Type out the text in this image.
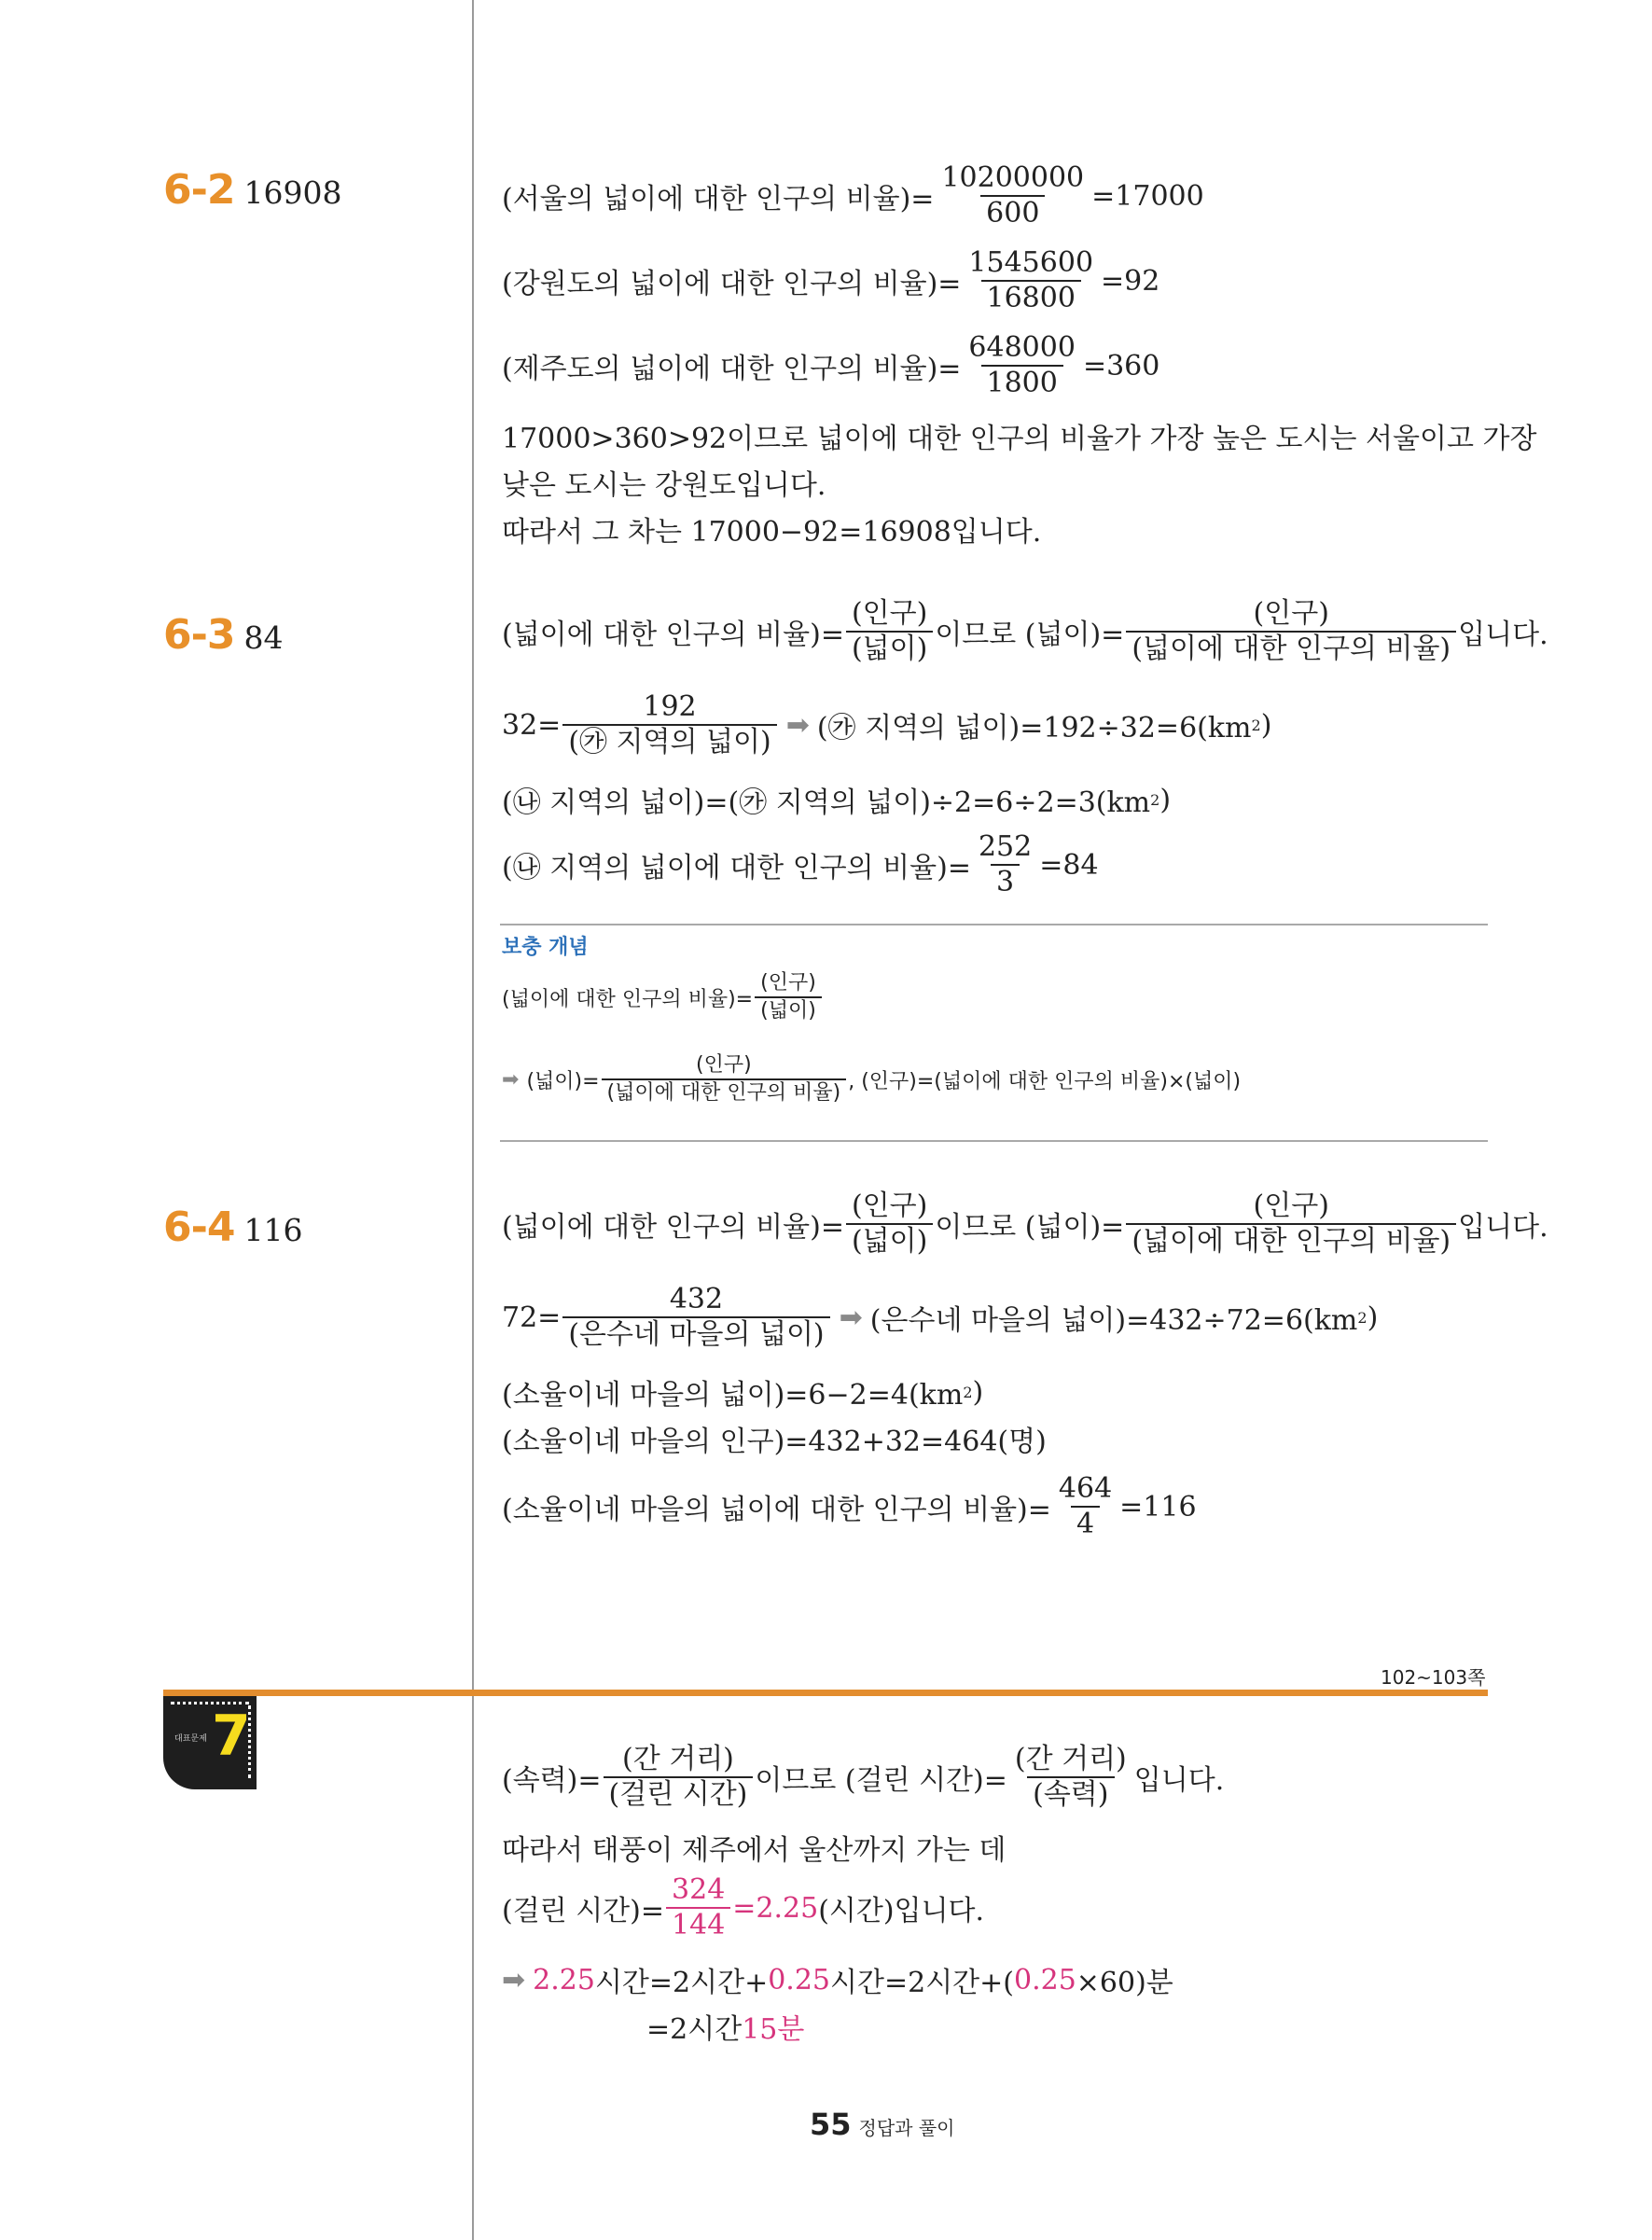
6-2 16908	(서울의 넓이에 대한 인구의 비율)= $\frac{10200000}{600} =17000$
(강원도의 넓이에 대한 인구의 비율)= $\frac{1545600}{16800} =92$
(제주도의 넓이에 대한 인구의 비율)= $\frac{648000}{1800} =360$
17000>360>92이므로 넓이에 대한 인구의 비율가 가장 높은 도시는 서울이고 가장
낮은 도시는 강원도입니다.
따라서 그 차는 17000−92=16908입니다.
6-3 84	(넓이에 대한 인구의 비율)= $\frac{\text{(인구)}}{\text{(넓이)}}$ 이므로 (넓이)= $\frac{\text{(인구)}}{\text{(넓이에 대한 인구의 비율)}}$ 입니다.
$32= \frac{192}{\text{(㉮ 지역의 넓이)}}$ ➡ (㉮ 지역의 넓이)=192÷32=6(km 2 )
(㉯ 지역의 넓이)=(㉮ 지역의 넓이)÷2=6÷2=3(km 2 )
(㉯ 지역의 넓이에 대한 인구의 비율)= $\frac{252}{3} =84$
보충 개념
(넓이에 대한 인구의 비율)= $\frac{\text{(인구)}}{\text{(넓이)}}$
➡ (넓이)= $\frac{\text{(인구)}}{\text{(넓이에 대한 인구의 비율)}}$ , (인구)=(넓이에 대한 인구의 비율)×(넓이)
6-4 116	(넓이에 대한 인구의 비율)= $\frac{\text{(인구)}}{\text{(넓이)}}$ 이므로 (넓이)= $\frac{\text{(인구)}}{\text{(넓이에 대한 인구의 비율)}}$ 입니다.
$72= \frac{432}{\text{(은수네 마을의 넓이)}}$ ➡ (은수네 마을의 넓이)=432÷72=6(km 2 )
(소율이네 마을의 넓이)=6−2=4(km 2 )
(소율이네 마을의 인구)=432+32=464(명)
(소율이네 마을의 넓이에 대한 인구의 비율)= $\frac{464}{4} =116$
102~103쪽
대표문제 7
(속력)= $\frac{\text{(간 거리)}}{\text{(걸린 시간)}}$ 이므로 (걸린 시간)= $\frac{\text{(간 거리)}}{\text{(속력)}}$ 입니다.
따라서 태풍이 제주에서 울산까지 가는 데
(걸린 시간)= $\frac{324}{144} =2.25$ (시간)입니다.
➡ 2.25 시간=2시간+ 0.25 시간=2시간+( 0.25 ×60)분
=2시간 15분
55 정답과 풀이
